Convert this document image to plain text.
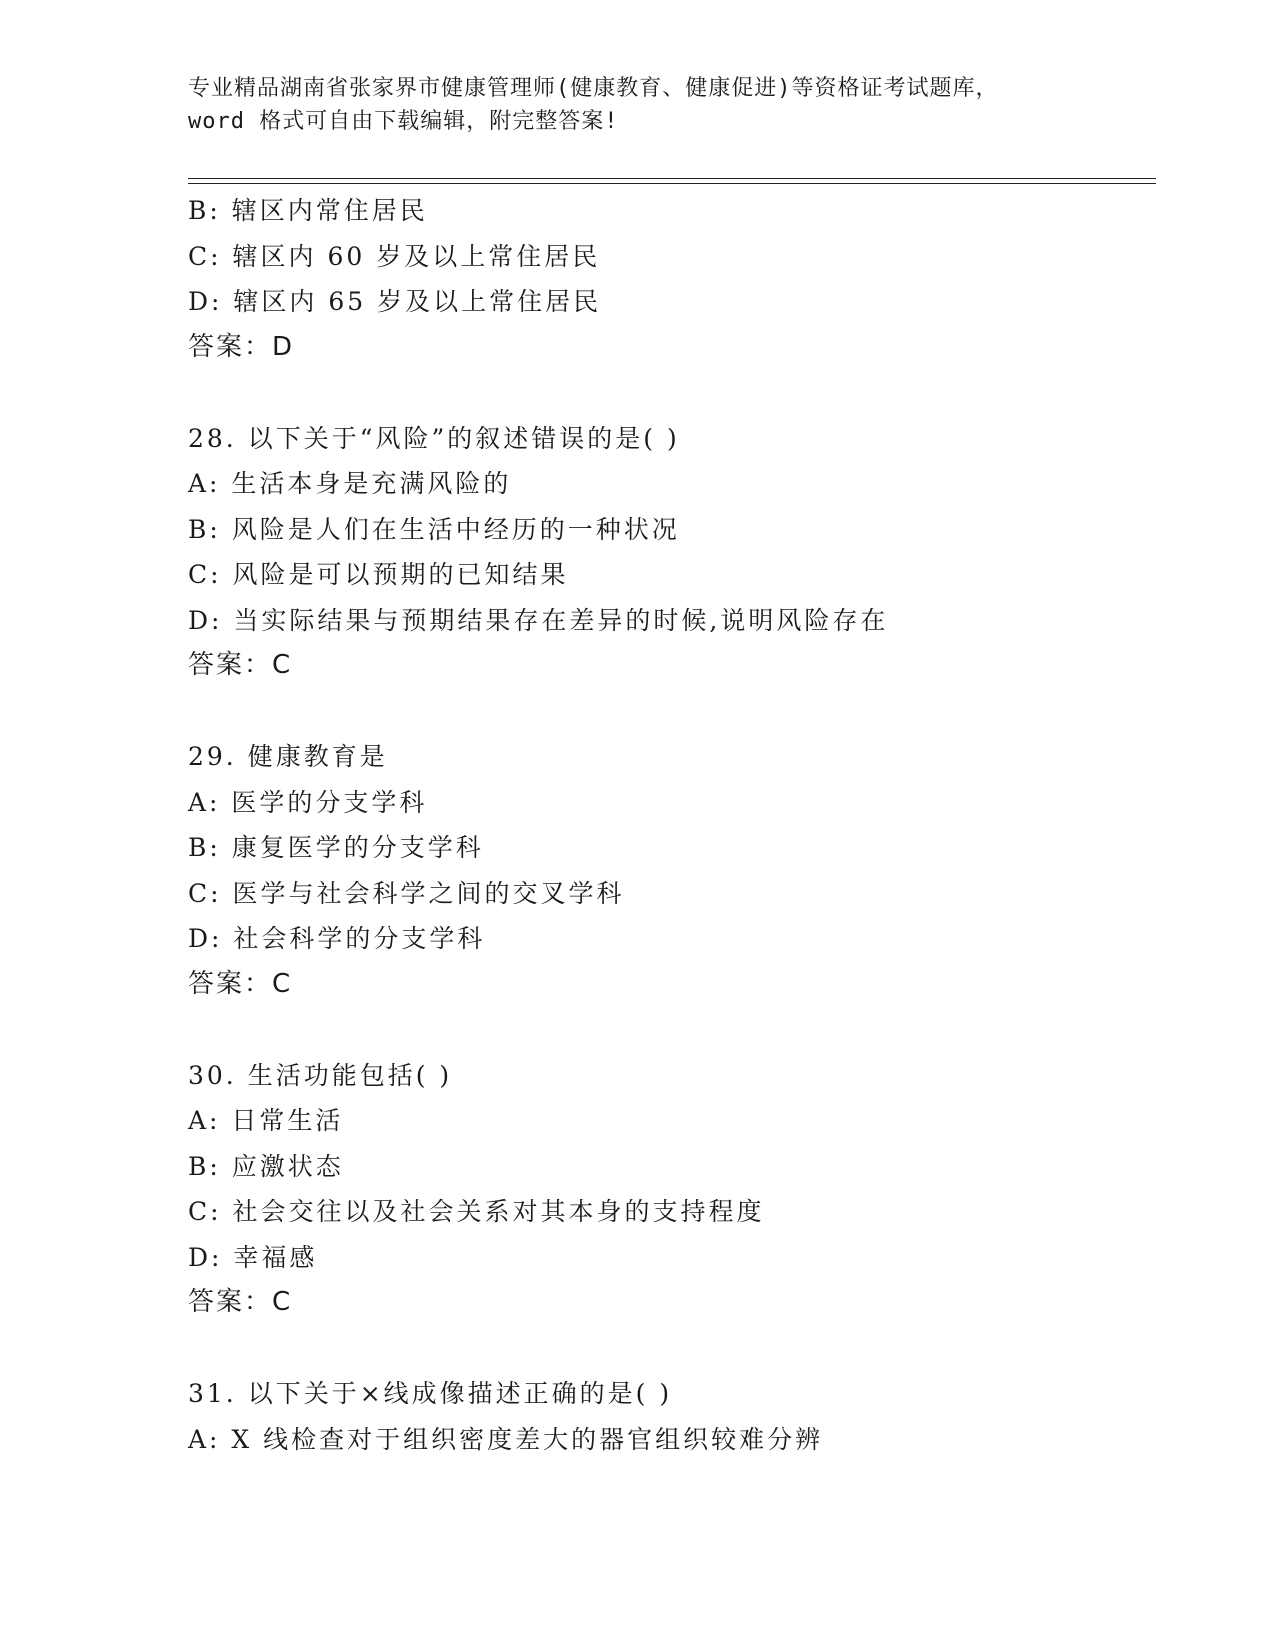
专业精品湖南省张家界市健康管理师(健康教育、健康促进)等资格证考试题库，
word 格式可自由下载编辑，附完整答案!
B: 辖区内常住居民
C: 辖区内 60 岁及以上常住居民
D: 辖区内 65 岁及以上常住居民
答案：D
28. 以下关于“风险”的叙述错误的是( )
A: 生活本身是充满风险的
B: 风险是人们在生活中经历的一种状况
C: 风险是可以预期的已知结果
D: 当实际结果与预期结果存在差异的时候,说明风险存在
答案：C
29. 健康教育是
A: 医学的分支学科
B: 康复医学的分支学科
C: 医学与社会科学之间的交叉学科
D: 社会科学的分支学科
答案：C
30. 生活功能包括( )
A: 日常生活
B: 应激状态
C: 社会交往以及社会关系对其本身的支持程度
D: 幸福感
答案：C
31. 以下关于×线成像描述正确的是( )
A: X 线检查对于组织密度差大的器官组织较难分辨
